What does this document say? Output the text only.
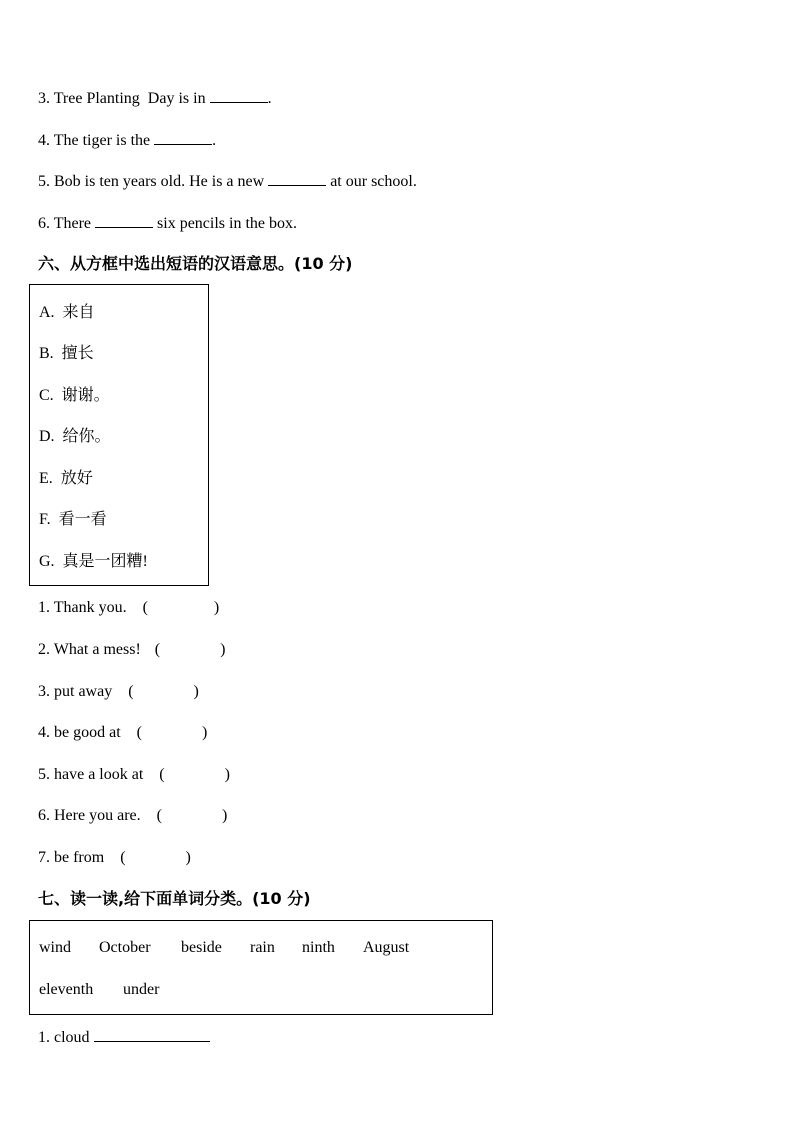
3. Tree Planting  Day is in	.
4. The tiger is the	.
5. Bob is ten years old. He is a new	at our school.
6. There	six pencils in the box.
六、从方框中选出短语的汉语意思。(10 分)
A.  来自
B.  擅长
C.  谢谢。
D.  给你。
E.  放好
F.  看一看
G.  真是一团糟!
1. Thank you. (	)
2. What a mess! (	)
3. put away (	)
4. be good at (	)
5. have a look at (	)
6. Here you are. (	)
7. be from (	)
七、读一读,给下面单词分类。(10 分)
wind October beside rain ninth August
eleventh under
1. cloud
